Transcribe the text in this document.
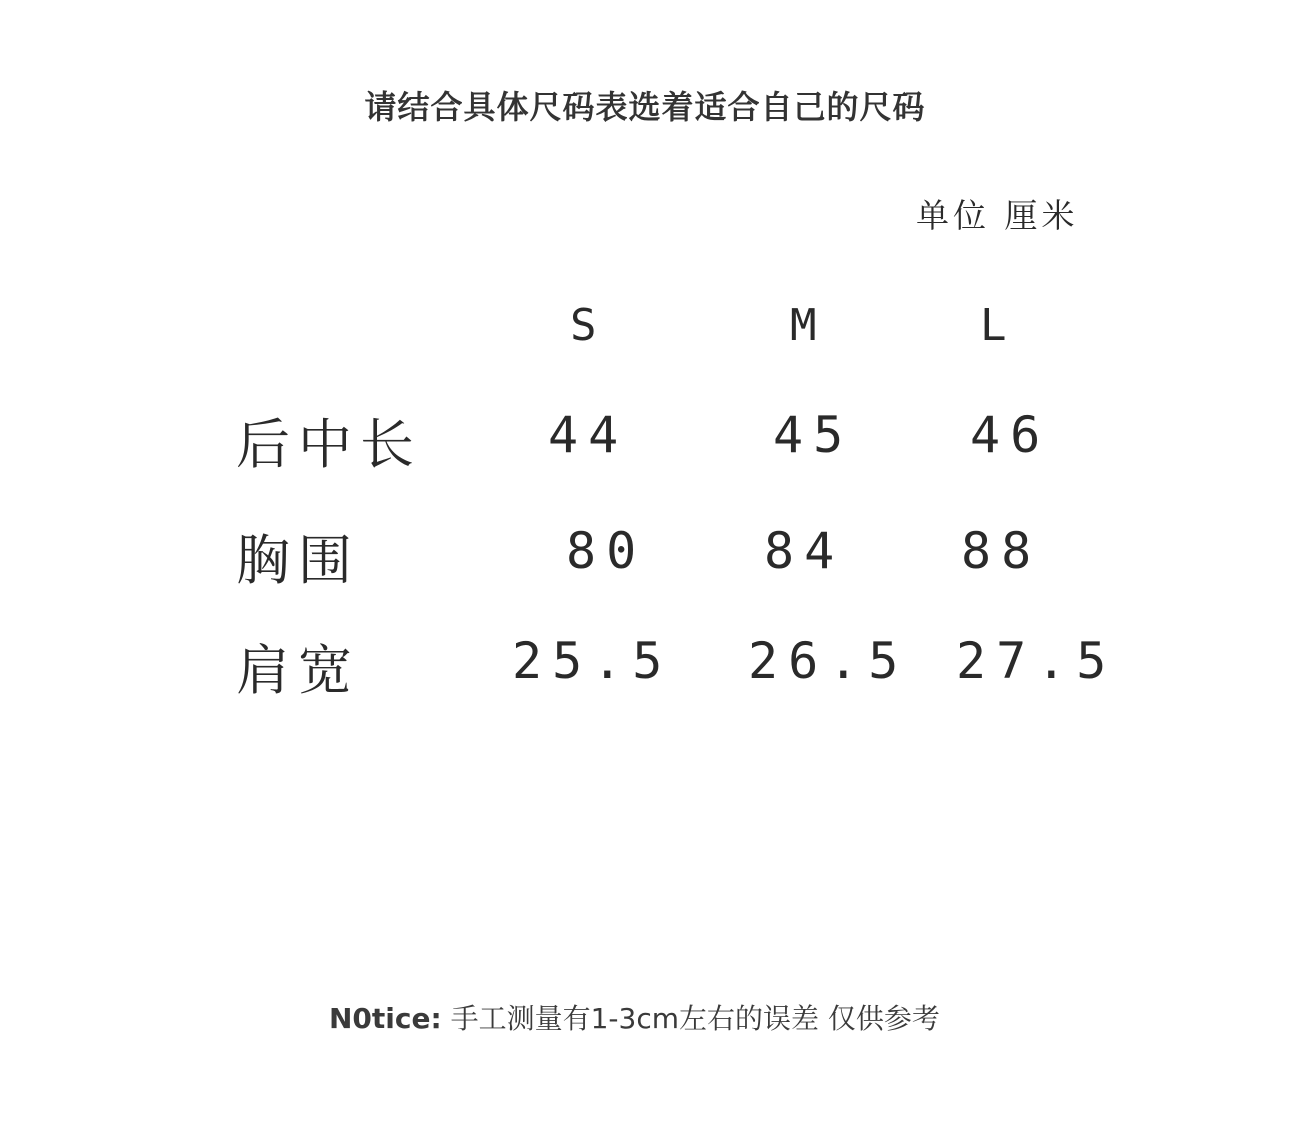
请结合具体尺码表选着适合自己的尺码
单位 厘米
S	M	L
后中长	44	45 46
胸围	80 84 88
肩宽	25.5 26.5 27.5
N0tice: 手工测量有1-3cm左右的误差 仅供参考
